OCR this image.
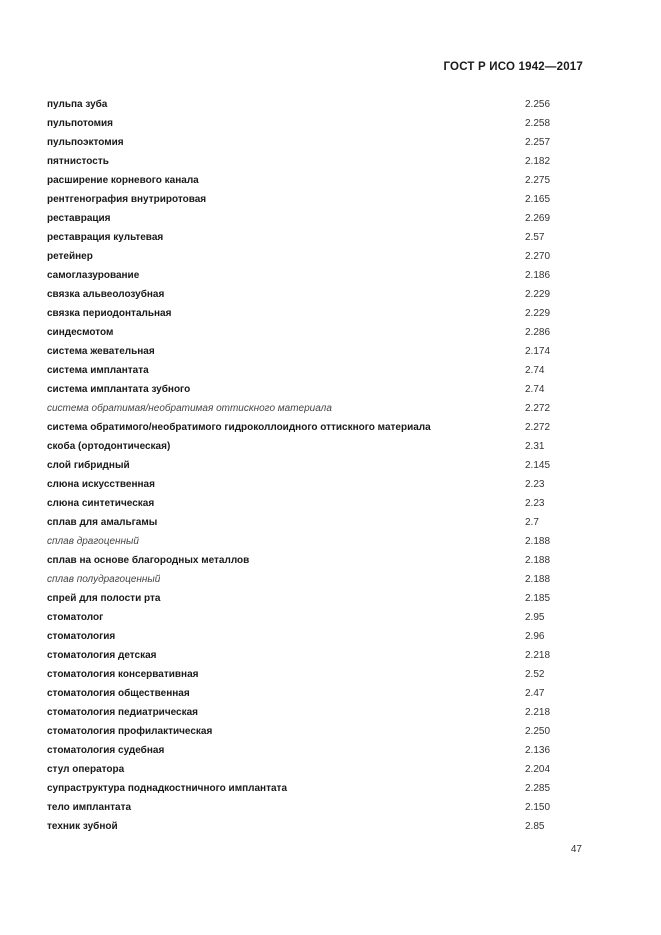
ГОСТ Р ИСО 1942—2017
пульпа зуба	2.256
пульпотомия	2.258
пульпоэктомия	2.257
пятнистость	2.182
расширение корневого канала	2.275
рентгенография внутриротовая	2.165
реставрация	2.269
реставрация культевая	2.57
ретейнер	2.270
самоглазурование	2.186
связка альвеолозубная	2.229
связка периодонтальная	2.229
синдесмотом	2.286
система жевательная	2.174
система имплантата	2.74
система имплантата зубного	2.74
система обратимая/необратимая оттискного материала	2.272
система обратимого/необратимого гидроколлоидного оттискного материала	2.272
скоба (ортодонтическая)	2.31
слой гибридный	2.145
слюна искусственная	2.23
слюна синтетическая	2.23
сплав для амальгамы	2.7
сплав драгоценный	2.188
сплав на основе благородных металлов	2.188
сплав полудрагоценный	2.188
спрей для полости рта	2.185
стоматолог	2.95
стоматология	2.96
стоматология детская	2.218
стоматология консервативная	2.52
стоматология общественная	2.47
стоматология педиатрическая	2.218
стоматология профилактическая	2.250
стоматология судебная	2.136
стул оператора	2.204
супраструктура поднадкостничного имплантата	2.285
тело имплантата	2.150
техник зубной	2.85
47
